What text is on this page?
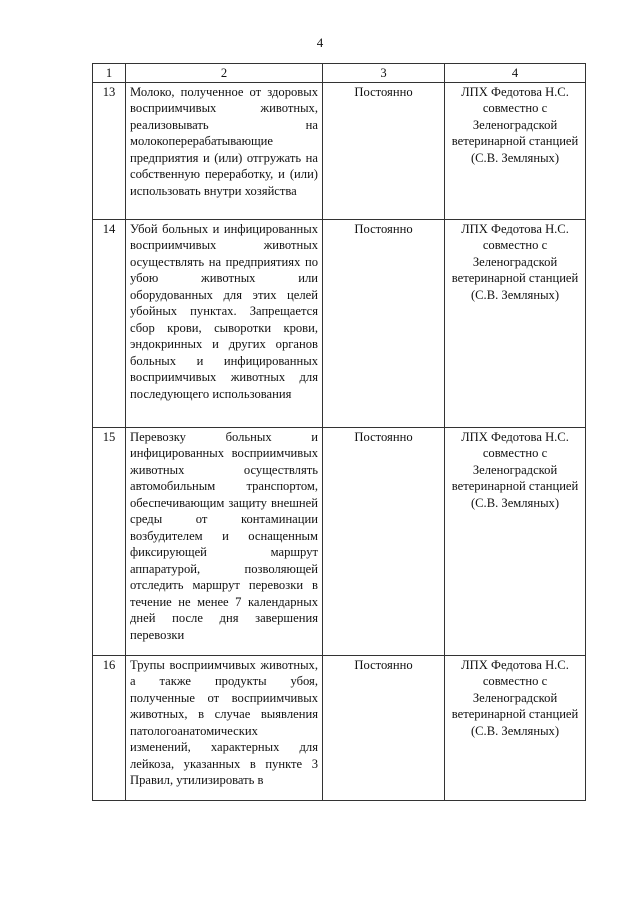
4
1	2	3	4
13	Молоко, полученное от здоровых восприимчивых животных, реализовывать на молокоперерабатывающие предприятия и (или) отгружать на собственную переработку, и (или) использовать внутри хозяйства	Постоянно	ЛПХ Федотова Н.С. совместно с Зеленоградской ветеринарной станцией (С.В. Земляных)
14	Убой больных и инфицированных восприимчивых животных осуществлять на предприятиях по убою животных или оборудованных для этих целей убойных пунктах. Запрещается сбор крови, сыворотки крови, эндокринных и других органов больных и инфицированных восприимчивых животных для последующего использования	Постоянно	ЛПХ Федотова Н.С. совместно с Зеленоградской ветеринарной станцией (С.В. Земляных)
15	Перевозку больных и инфицированных восприимчивых животных осуществлять автомобильным транспортом, обеспечивающим защиту внешней среды от контаминации возбудителем и оснащенным фиксирующей маршрут аппаратурой, позволяющей отследить маршрут перевозки в течение не менее 7 календарных дней после дня завершения перевозки	Постоянно	ЛПХ Федотова Н.С. совместно с Зеленоградской ветеринарной станцией (С.В. Земляных)
16	Трупы восприимчивых животных, а также продукты убоя, полученные от восприимчивых животных, в случае выявления патологоанатомических изменений, характерных для лейкоза, указанных в пункте 3 Правил, утилизировать в	Постоянно	ЛПХ Федотова Н.С. совместно с Зеленоградской ветеринарной станцией (С.В. Земляных)
